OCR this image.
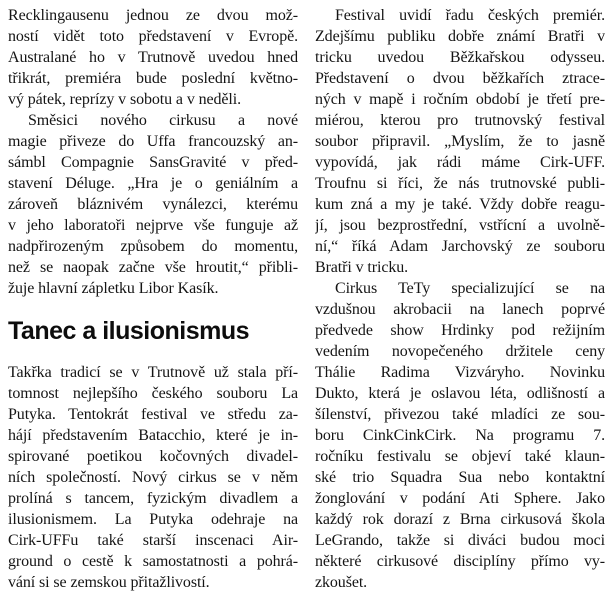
Recklingausenu jednou ze dvou mož-
ností vidět toto představení v Evropě.
Australané ho v Trutnově uvedou hned
třikrát, premiéra bude poslední květno-
vý pátek, reprízy v sobotu a v neděli.
Směsici nového cirkusu a nové
magie přiveze do Uffa francouzský an-
sámbl Compagnie SansGravité v před-
stavení Déluge. „Hra je o geniálním a
zároveň bláznivém vynálezci, kterému
v jeho laboratoři nejprve vše funguje až
nadpřirozeným způsobem do momentu,
než se naopak začne vše hroutit,“ přibli-
žuje hlavní zápletku Libor Kasík.
Tanec a ilusionismus
Takřka tradicí se v Trutnově už stala pří-
tomnost nejlepšího českého souboru La
Putyka. Tentokrát festival ve středu za-
hájí představením Batacchio, které je in-
spirované poetikou kočovných divadel-
ních společností. Nový cirkus se v něm
prolíná s tancem, fyzickým divadlem a
ilusionismem. La Putyka odehraje na
Cirk-UFFu také starší inscenaci Air-
ground o cestě k samostatnosti a pohrá-
vání si se zemskou přitažlivostí.
Festival uvidí řadu českých premiér.
Zdejšímu publiku dobře známí Bratři v
tricku uvedou Běžkařskou odysseu.
Představení o dvou běžkařích ztrace-
ných v mapě i ročním období je třetí pre-
miérou, kterou pro trutnovský festival
soubor připravil. „Myslím, že to jasně
vypovídá, jak rádi máme Cirk-UFF.
Troufnu si říci, že nás trutnovské publi-
kum zná a my je také. Vždy dobře reagu-
jí, jsou bezprostřední, vstřícní a uvolně-
ní,“ říká Adam Jarchovský ze souboru
Bratři v tricku.
Cirkus TeTy specializující se na
vzdušnou akrobacii na lanech poprvé
předvede show Hrdinky pod režijním
vedením novopečeného držitele ceny
Thálie Radima Vizváryho. Novinku
Dukto, která je oslavou léta, odlišností a
šílenství, přivezou také mladíci ze sou-
boru CinkCinkCirk. Na programu 7.
ročníku festivalu se objeví také klaun-
ské trio Squadra Sua nebo kontaktní
žonglování v podání Ati Sphere. Jako
každý rok dorazí z Brna cirkusová škola
LeGrando, takže si diváci budou moci
některé cirkusové disciplíny přímo vy-
zkoušet.
